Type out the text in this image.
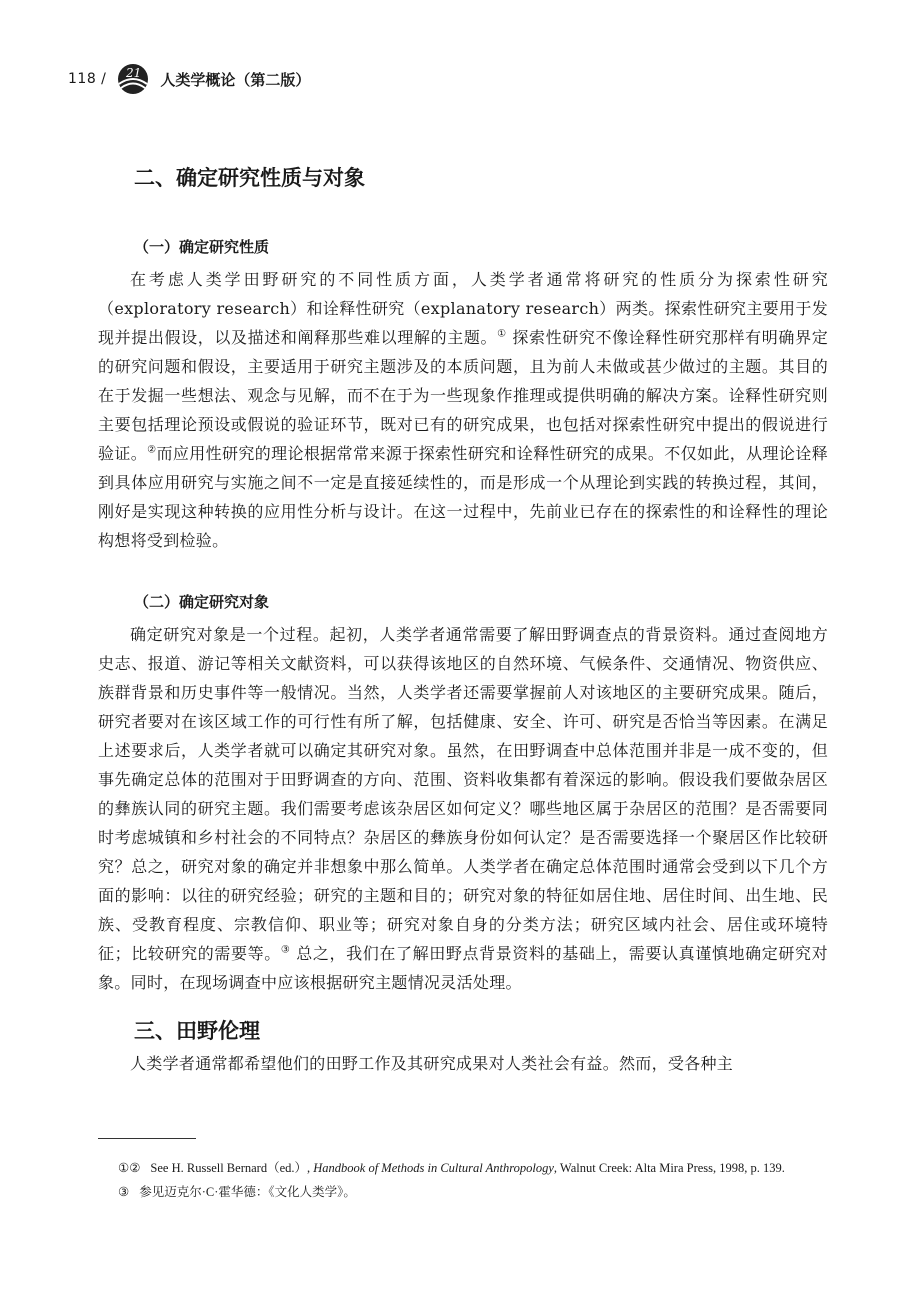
118 / 21 人类学概论（第二版）
二、确定研究性质与对象
（一）确定研究性质

在考虑人类学田野研究的不同性质方面，人类学者通常将研究的性质分为探索性研究（exploratory research）和诠释性研究（explanatory research）两类。探索性研究主要用于发现并提出假设，以及描述和阐释那些难以理解的主题。① 探索性研究不像诠释性研究那样有明确界定的研究问题和假设，主要适用于研究主题涉及的本质问题，且为前人未做或甚少做过的主题。其目的在于发掘一些想法、观念与见解，而不在于为一些现象作推理或提供明确的解决方案。诠释性研究则主要包括理论预设或假说的验证环节，既对已有的研究成果，也包括对探索性研究中提出的假说进行验证。②而应用性研究的理论根据常常来源于探索性研究和诠释性研究的成果。不仅如此，从理论诠释到具体应用研究与实施之间不一定是直接延续性的，而是形成一个从理论到实践的转换过程，其间，刚好是实现这种转换的应用性分析与设计。在这一过程中，先前业已存在的探索性的和诠释性的理论构想将受到检验。

（二）确定研究对象

确定研究对象是一个过程。起初，人类学者通常需要了解田野调查点的背景资料。通过查阅地方史志、报道、游记等相关文献资料，可以获得该地区的自然环境、气候条件、交通情况、物资供应、族群背景和历史事件等一般情况。当然，人类学者还需要掌握前人对该地区的主要研究成果。随后，研究者要对在该区域工作的可行性有所了解，包括健康、安全、许可、研究是否恰当等因素。在满足上述要求后，人类学者就可以确定其研究对象。虽然，在田野调查中总体范围并非是一成不变的，但事先确定总体的范围对于田野调查的方向、范围、资料收集都有着深远的影响。假设我们要做杂居区的彝族认同的研究主题。我们需要考虑该杂居区如何定义？哪些地区属于杂居区的范围？是否需要同时考虑城镇和乡村社会的不同特点？杂居区的彝族身份如何认定？是否需要选择一个聚居区作比较研究？总之，研究对象的确定并非想象中那么简单。人类学者在确定总体范围时通常会受到以下几个方面的影响：以往的研究经验；研究的主题和目的；研究对象的特征如居住地、居住时间、出生地、民族、受教育程度、宗教信仰、职业等；研究对象自身的分类方法；研究区域内社会、居住或环境特征；比较研究的需要等。③ 总之，我们在了解田野点背景资料的基础上，需要认真谨慎地确定研究对象。同时，在现场调查中应该根据研究主题情况灵活处理。

三、田野伦理

人类学者通常都希望他们的田野工作及其研究成果对人类社会有益。然而，受各种主

①② See H. Russell Bernard（ed.）, Handbook of Methods in Cultural Anthropology, Walnut Creek: Alta Mira Press, 1998, p. 139.

③ 参见迈克尔·C·霍华德：《文化人类学》。
